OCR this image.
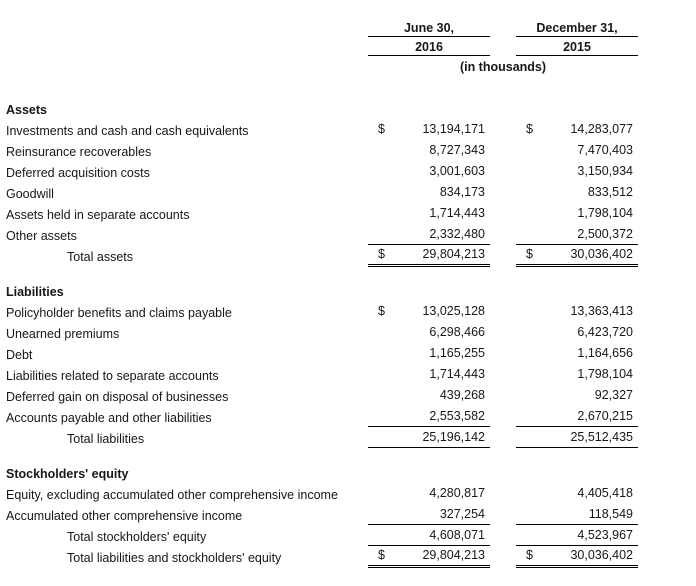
	June 30,		December 31,	
	2016		2015	
	(in thousands)			

Assets				
Investments and cash and cash equivalents	$ 13,194,171		$ 14,283,077	

Reinsurance recoverables	8,727,343		7,470,403	

Deferred acquisition costs	3,001,603		3,150,934	

Goodwill	834,173		833,512	

Assets held in separate accounts	1,714,443		1,798,104	

Other assets	2,332,480		2,500,372	

Total assets	$ 29,804,213		$ 30,036,402	

Liabilities				
Policyholder benefits and claims payable	$ 13,025,128		13,363,413	

Unearned premiums	6,298,466		6,423,720	

Debt	1,165,255		1,164,656	

Liabilities related to separate accounts	1,714,443		1,798,104	

Deferred gain on disposal of businesses	439,268		92,327	

Accounts payable and other liabilities	2,553,582		2,670,215	

Total liabilities	25,196,142		25,512,435	

Stockholders' equity				
Equity, excluding accumulated other comprehensive income	4,280,817		4,405,418	

Accumulated other comprehensive income	327,254		118,549	

Total stockholders' equity	4,608,071		4,523,967	

Total liabilities and stockholders' equity	$ 29,804,213		$ 30,036,402	
